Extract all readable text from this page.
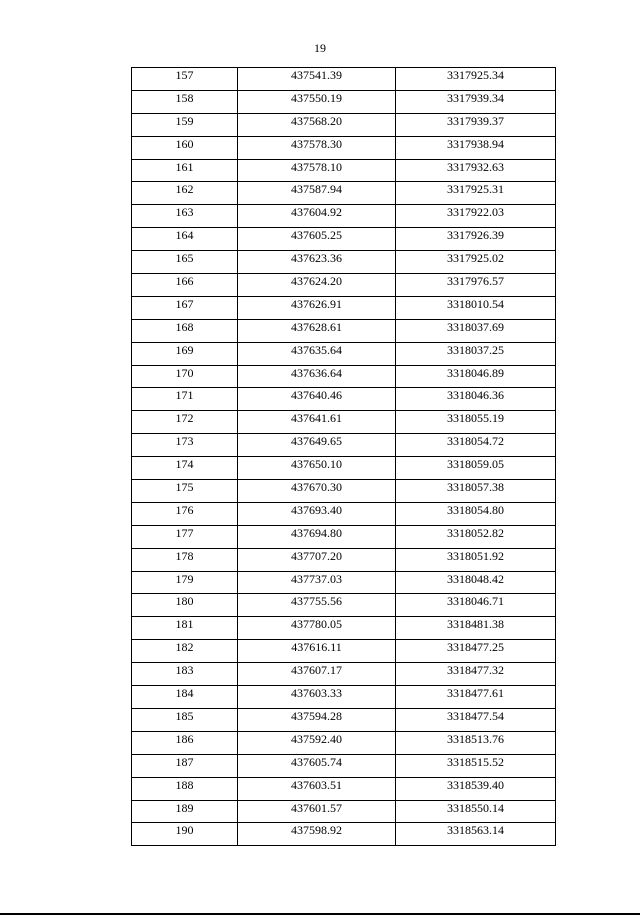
19
157	437541.39	3317925.34
158	437550.19	3317939.34
159	437568.20	3317939.37
160	437578.30	3317938.94
161	437578.10	3317932.63
162	437587.94	3317925.31
163	437604.92	3317922.03
164	437605.25	3317926.39
165	437623.36	3317925.02
166	437624.20	3317976.57
167	437626.91	3318010.54
168	437628.61	3318037.69
169	437635.64	3318037.25
170	437636.64	3318046.89
171	437640.46	3318046.36
172	437641.61	3318055.19
173	437649.65	3318054.72
174	437650.10	3318059.05
175	437670.30	3318057.38
176	437693.40	3318054.80
177	437694.80	3318052.82
178	437707.20	3318051.92
179	437737.03	3318048.42
180	437755.56	3318046.71
181	437780.05	3318481.38
182	437616.11	3318477.25
183	437607.17	3318477.32
184	437603.33	3318477.61
185	437594.28	3318477.54
186	437592.40	3318513.76
187	437605.74	3318515.52
188	437603.51	3318539.40
189	437601.57	3318550.14
190	437598.92	3318563.14
